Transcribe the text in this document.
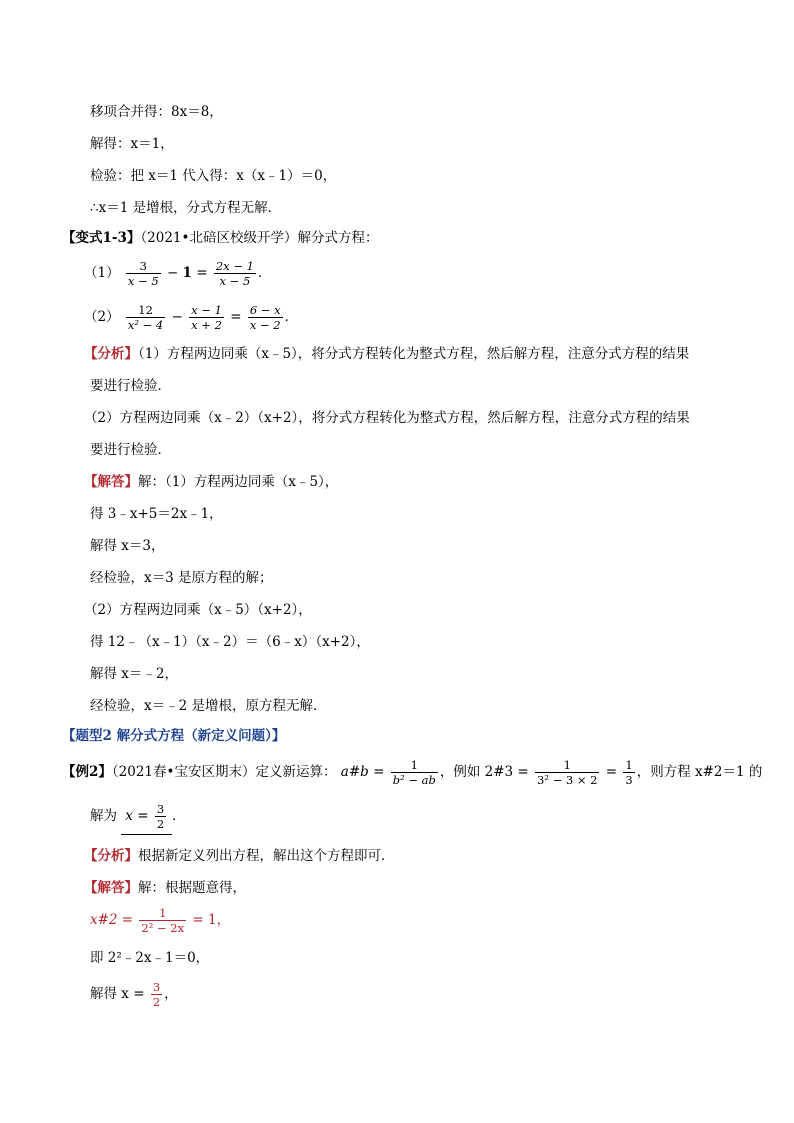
移项合并得：8x＝8，
解得：x＝1，
检验：把 x＝1 代入得：x（x﹣1）＝0，
∴x＝1 是增根，分式方程无解．
【变式1-3】（2021•北碚区校级开学）解分式方程：
$(1) \frac{3}{x - 5} - 1 = \frac{2x - 1}{x - 5}$ ．
$(2) \frac{12}{\text{x² − 4}} - \frac{x - 1}{x + 2} = \frac{6 - x}{x - 2}$ ．
【分析】（1）方程两边同乘（x﹣5），将分式方程转化为整式方程，然后解方程，注意分式方程的结果
要进行检验．
（2）方程两边同乘（x﹣2）（x+2），将分式方程转化为整式方程，然后解方程，注意分式方程的结果
要进行检验．
【解答】解：（1）方程两边同乘（x﹣5），
得 3﹣x+5＝2x﹣1，
解得 x＝3，
经检验，x＝3 是原方程的解；
（2）方程两边同乘（x﹣5）（x+2），
得 12﹣（x﹣1）（x﹣2）＝（6﹣x）（x+2），
解得 x＝﹣2，
经检验，x＝﹣2 是增根，原方程无解．
【题型2 解分式方程（新定义问题）】
【例2】（2021春•宝安区期末）定义新运算： a#b = $\frac{1}{\text{b² − ab}}$ ，例如 2#3 = $\frac{1}{\text{3² − 3 × 2}} = \frac{1}{3}$ ，则方程 x#2＝1 的
解为 $x = \frac{3}{2}$ ．
【分析】根据新定义列出方程，解出这个方程即可．
【解答】解：根据题意得，
x#2 = $\frac{1}{\text{2² − 2x}} = 1$，
即 2²﹣2x﹣1＝0，
解得 $x = \frac{3}{2}$ ，
